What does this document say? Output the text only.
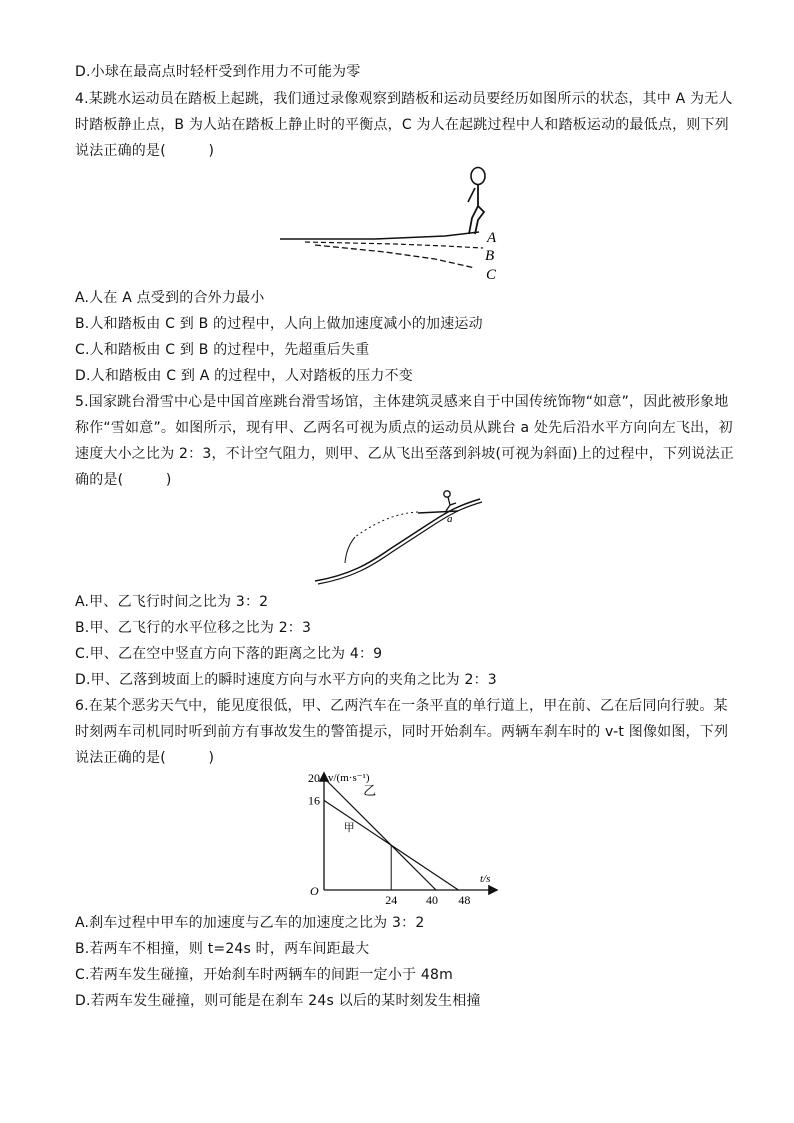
D.小球在最高点时轻杆受到作用力不可能为零
4.某跳水运动员在踏板上起跳，我们通过录像观察到踏板和运动员要经历如图所示的状态，其中 A 为无人
时踏板静止点，B 为人站在踏板上静止时的平衡点，C 为人在起跳过程中人和踏板运动的最低点，则下列
说法正确的是(　　　)
A
B
C
A.人在 A 点受到的合外力最小
B.人和踏板由 C 到 B 的过程中，人向上做加速度减小的加速运动
C.人和踏板由 C 到 B 的过程中，先超重后失重
D.人和踏板由 C 到 A 的过程中，人对踏板的压力不变
5.国家跳台滑雪中心是中国首座跳台滑雪场馆，主体建筑灵感来自于中国传统饰物“如意”，因此被形象地
称作“雪如意”。如图所示，现有甲、乙两名可视为质点的运动员从跳台 a 处先后沿水平方向向左飞出，初
速度大小之比为 2：3，不计空气阻力，则甲、乙从飞出至落到斜坡(可视为斜面)上的过程中，下列说法正
确的是(　　　)
a
A.甲、乙飞行时间之比为 3：2
B.甲、乙飞行的水平位移之比为 2：3
C.甲、乙在空中竖直方向下落的距离之比为 4：9
D.甲、乙落到坡面上的瞬时速度方向与水平方向的夹角之比为 2：3
6.在某个恶劣天气中，能见度很低，甲、乙两汽车在一条平直的单行道上，甲在前、乙在后同向行驶。某
时刻两车司机同时听到前方有事故发生的警笛提示，同时开始刹车。两辆车刹车时的 v-t 图像如图，下列
说法正确的是(　　　)
v/(m·s⁻¹)
t/s
O
20
16
24 40 48
乙
甲
A.刹车过程中甲车的加速度与乙车的加速度之比为 3：2
B.若两车不相撞，则 t=24s 时，两车间距最大
C.若两车发生碰撞，开始刹车时两辆车的间距一定小于 48m
D.若两车发生碰撞，则可能是在刹车 24s 以后的某时刻发生相撞
